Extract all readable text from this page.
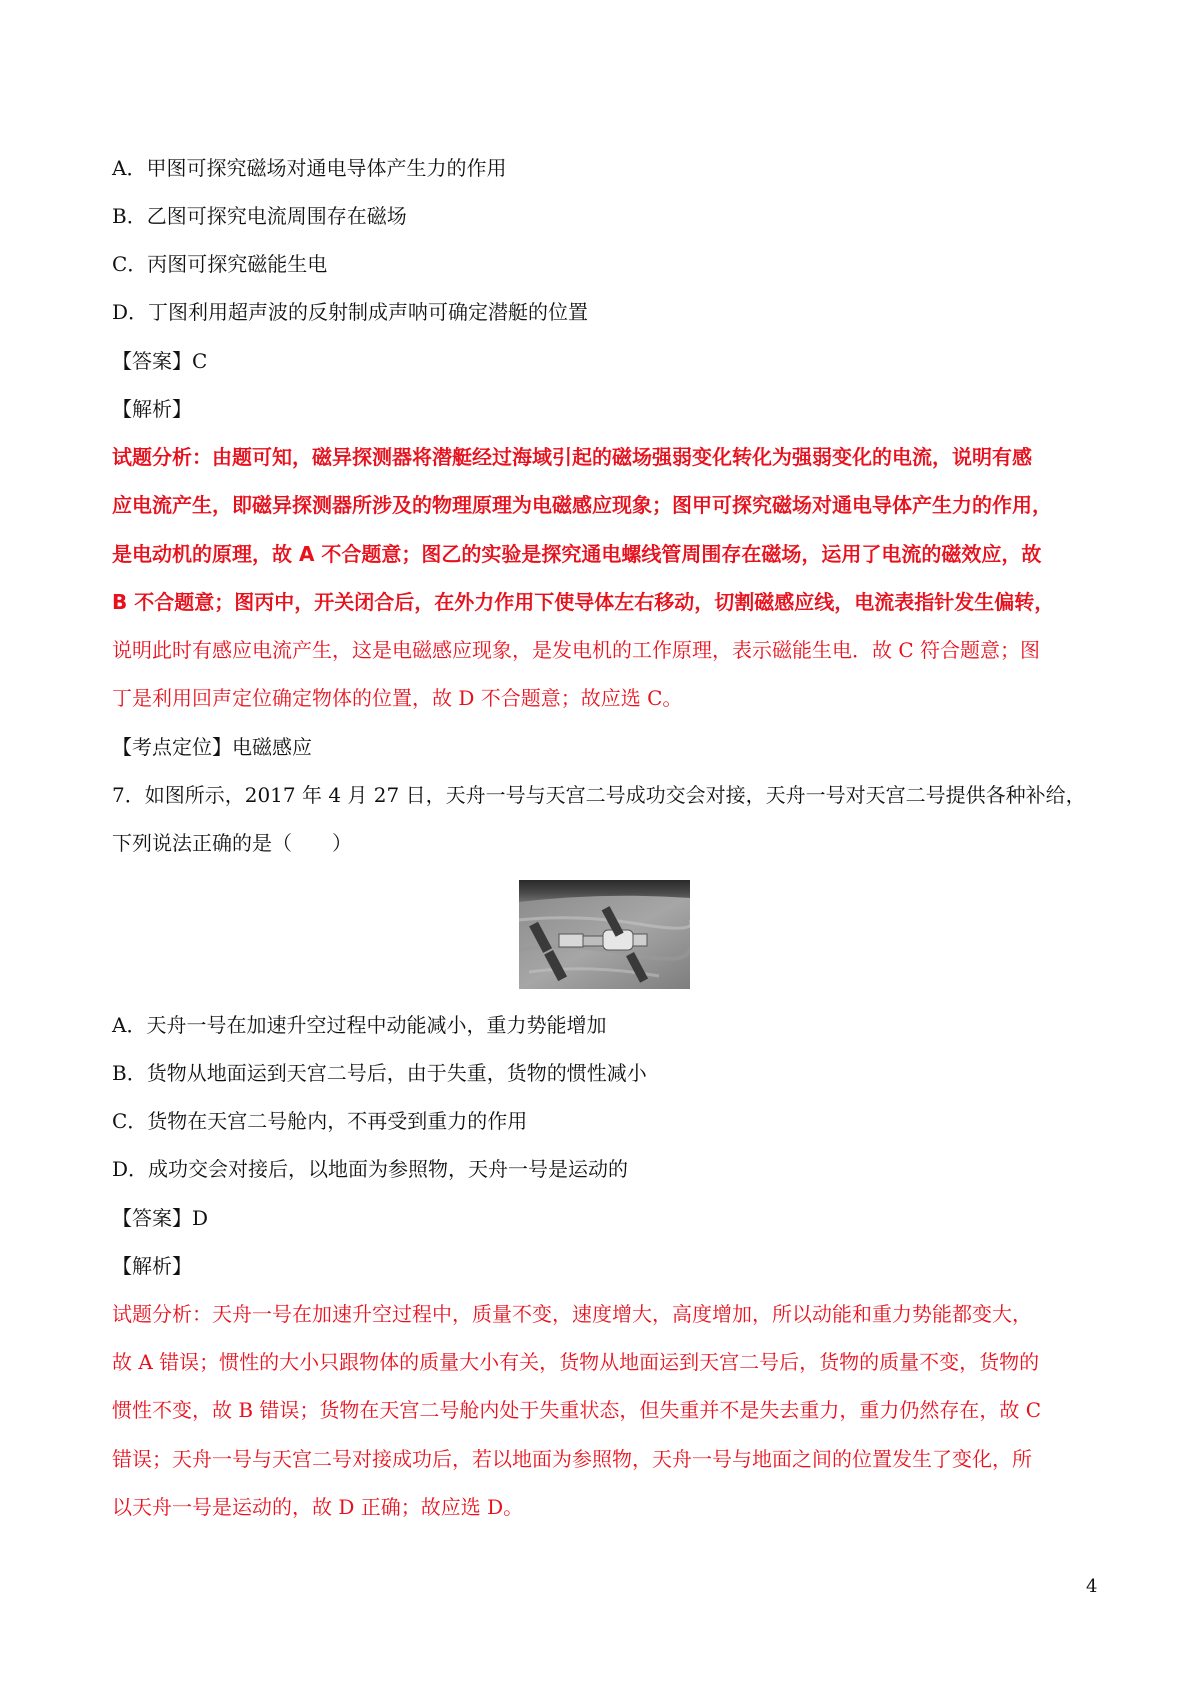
A．甲图可探究磁场对通电导体产生力的作用
B．乙图可探究电流周围存在磁场
C．丙图可探究磁能生电
D．丁图利用超声波的反射制成声呐可确定潜艇的位置
【答案】C
【解析】
试题分析：由题可知，磁异探测器将潜艇经过海域引起的磁场强弱变化转化为强弱变化的电流，说明有感
应电流产生，即磁异探测器所涉及的物理原理为电磁感应现象；图甲可探究磁场对通电导体产生力的作用，
是电动机的原理，故 A 不合题意；图乙的实验是探究通电螺线管周围存在磁场，运用了电流的磁效应，故
B 不合题意；图丙中，开关闭合后，在外力作用下使导体左右移动，切割磁感应线，电流表指针发生偏转，
说明此时有感应电流产生，这是电磁感应现象，是发电机的工作原理，表示磁能生电．故 C 符合题意；图
丁是利用回声定位确定物体的位置，故 D 不合题意；故应选 C。
【考点定位】电磁感应
7．如图所示，2017 年 4 月 27 日，天舟一号与天宫二号成功交会对接，天舟一号对天宫二号提供各种补给，
下列说法正确的是（　　）
A．天舟一号在加速升空过程中动能减小，重力势能增加
B．货物从地面运到天宫二号后，由于失重，货物的惯性减小
C．货物在天宫二号舱内，不再受到重力的作用
D．成功交会对接后，以地面为参照物，天舟一号是运动的
【答案】D
【解析】
试题分析：天舟一号在加速升空过程中，质量不变，速度增大，高度增加，所以动能和重力势能都变大，
故 A 错误；惯性的大小只跟物体的质量大小有关，货物从地面运到天宫二号后，货物的质量不变，货物的
惯性不变，故 B 错误；货物在天宫二号舱内处于失重状态，但失重并不是失去重力，重力仍然存在，故 C
错误；天舟一号与天宫二号对接成功后，若以地面为参照物，天舟一号与地面之间的位置发生了变化，所
以天舟一号是运动的，故 D 正确；故应选 D。
4
